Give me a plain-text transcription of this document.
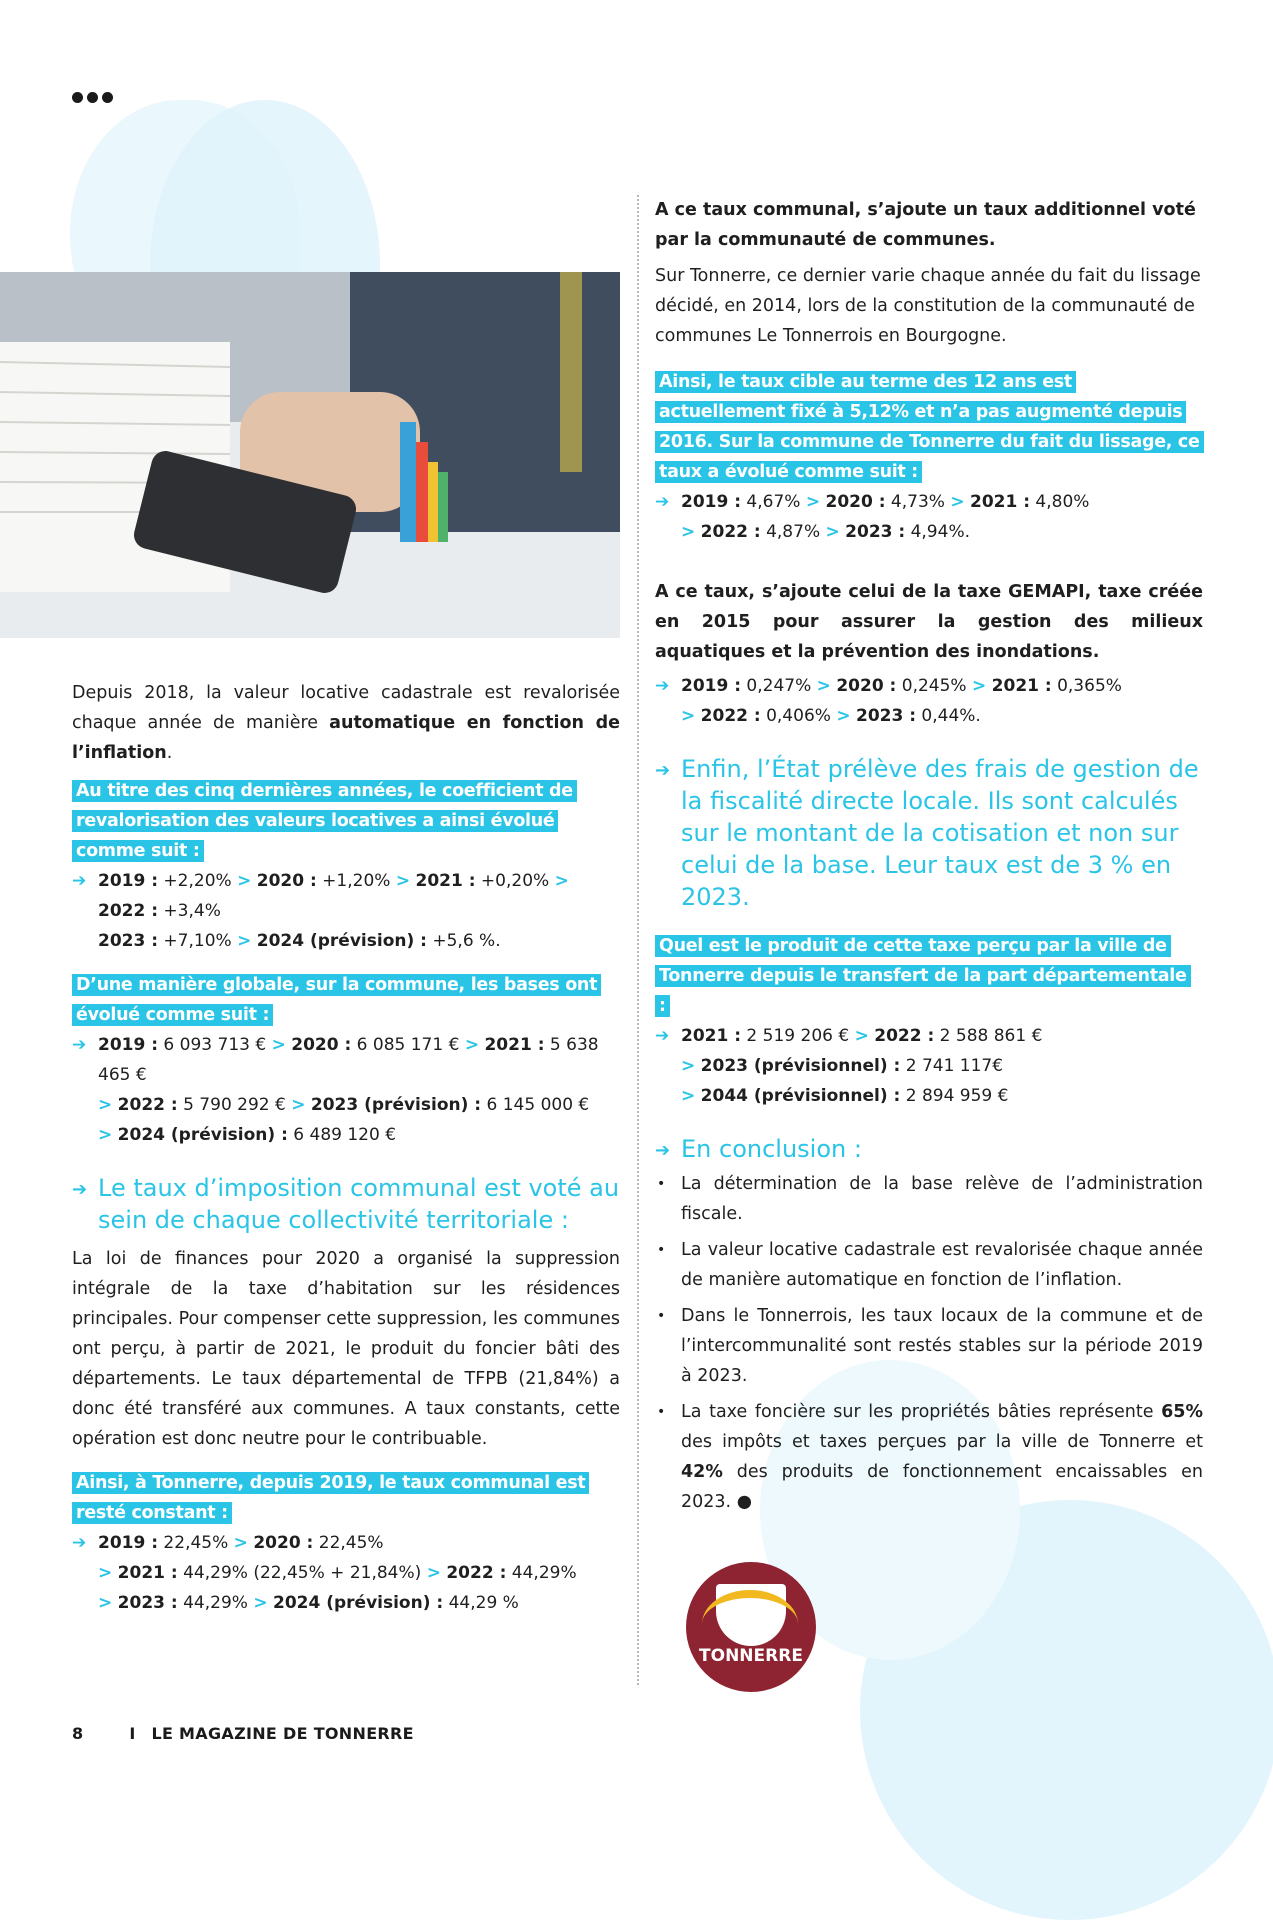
Depuis 2018, la valeur locative cadastrale est revalorisée chaque année de manière automatique en fonction de l’inflation.

Au titre des cinq dernières années, le coefficient de revalorisation des valeurs locatives a ainsi évolué comme suit :

➔ 2019 : +2,20% > 2020 : +1,20% > 2021 : +0,20% > 2022 : +3,4%
2023 : +7,10% > 2024 (prévision) : +5,6 %.

D’une manière globale, sur la commune, les bases ont évolué comme suit :

➔ 2019 : 6 093 713 € > 2020 : 6 085 171 € > 2021 : 5 638 465 €
> 2022 : 5 790 292 € > 2023 (prévision) : 6 145 000 €
> 2024 (prévision) : 6 489 120 €
➔ Le taux d’imposition communal est voté au sein de chaque collectivité territoriale :

La loi de finances pour 2020 a organisé la suppression intégrale de la taxe d’habitation sur les résidences principales. Pour compenser cette suppression, les communes ont perçu, à partir de 2021, le produit du foncier bâti des départements. Le taux départemental de TFPB (21,84%) a donc été transféré aux communes. A taux constants, cette opération est donc neutre pour le contribuable.

Ainsi, à Tonnerre, depuis 2019, le taux communal est resté constant :

➔ 2019 : 22,45% > 2020 : 22,45%
> 2021 : 44,29% (22,45% + 21,84%) > 2022 : 44,29%
> 2023 : 44,29% > 2024 (prévision) : 44,29 %

A ce taux communal, s’ajoute un taux additionnel voté par la communauté de communes.

Sur Tonnerre, ce dernier varie chaque année du fait du lissage décidé, en 2014, lors de la constitution de la communauté de communes Le Tonnerrois en Bourgogne.

Ainsi, le taux cible au terme des 12 ans est actuellement fixé à 5,12% et n’a pas augmenté depuis 2016. Sur la commune de Tonnerre du fait du lissage, ce taux a évolué comme suit :

➔ 2019 : 4,67% > 2020 : 4,73% > 2021 : 4,80%
> 2022 : 4,87% > 2023 : 4,94%.

A ce taux, s’ajoute celui de la taxe GEMAPI, taxe créée en 2015 pour assurer la gestion des milieux aquatiques et la prévention des inondations.

➔ 2019 : 0,247% > 2020 : 0,245% > 2021 : 0,365%
> 2022 : 0,406% > 2023 : 0,44%.
➔ Enfin, l’État prélève des frais de gestion de la fiscalité directe locale. Ils sont calculés sur le montant de la cotisation et non sur celui de la base. Leur taux est de 3 % en 2023.

Quel est le produit de cette taxe perçu par la ville de Tonnerre depuis le transfert de la part départementale :

➔ 2021 : 2 519 206 € > 2022 : 2 588 861 €
> 2023 (prévisionnel) : 2 741 117€
> 2044 (prévisionnel) : 2 894 959 €
➔ En conclusion :
• La détermination de la base relève de l’administration fiscale.
• La valeur locative cadastrale est revalorisée chaque année de manière automatique en fonction de l’inflation.
• Dans le Tonnerrois, les taux locaux de la commune et de l’intercommunalité sont restés stables sur la période 2019 à 2023.
• La taxe foncière sur les propriétés bâties représente 65% des impôts et taxes perçues par la ville de Tonnerre et 42% des produits de fonctionnement encaissables en 2023. ●
TONNERRE
8	I LE MAGAZINE DE TONNERRE
